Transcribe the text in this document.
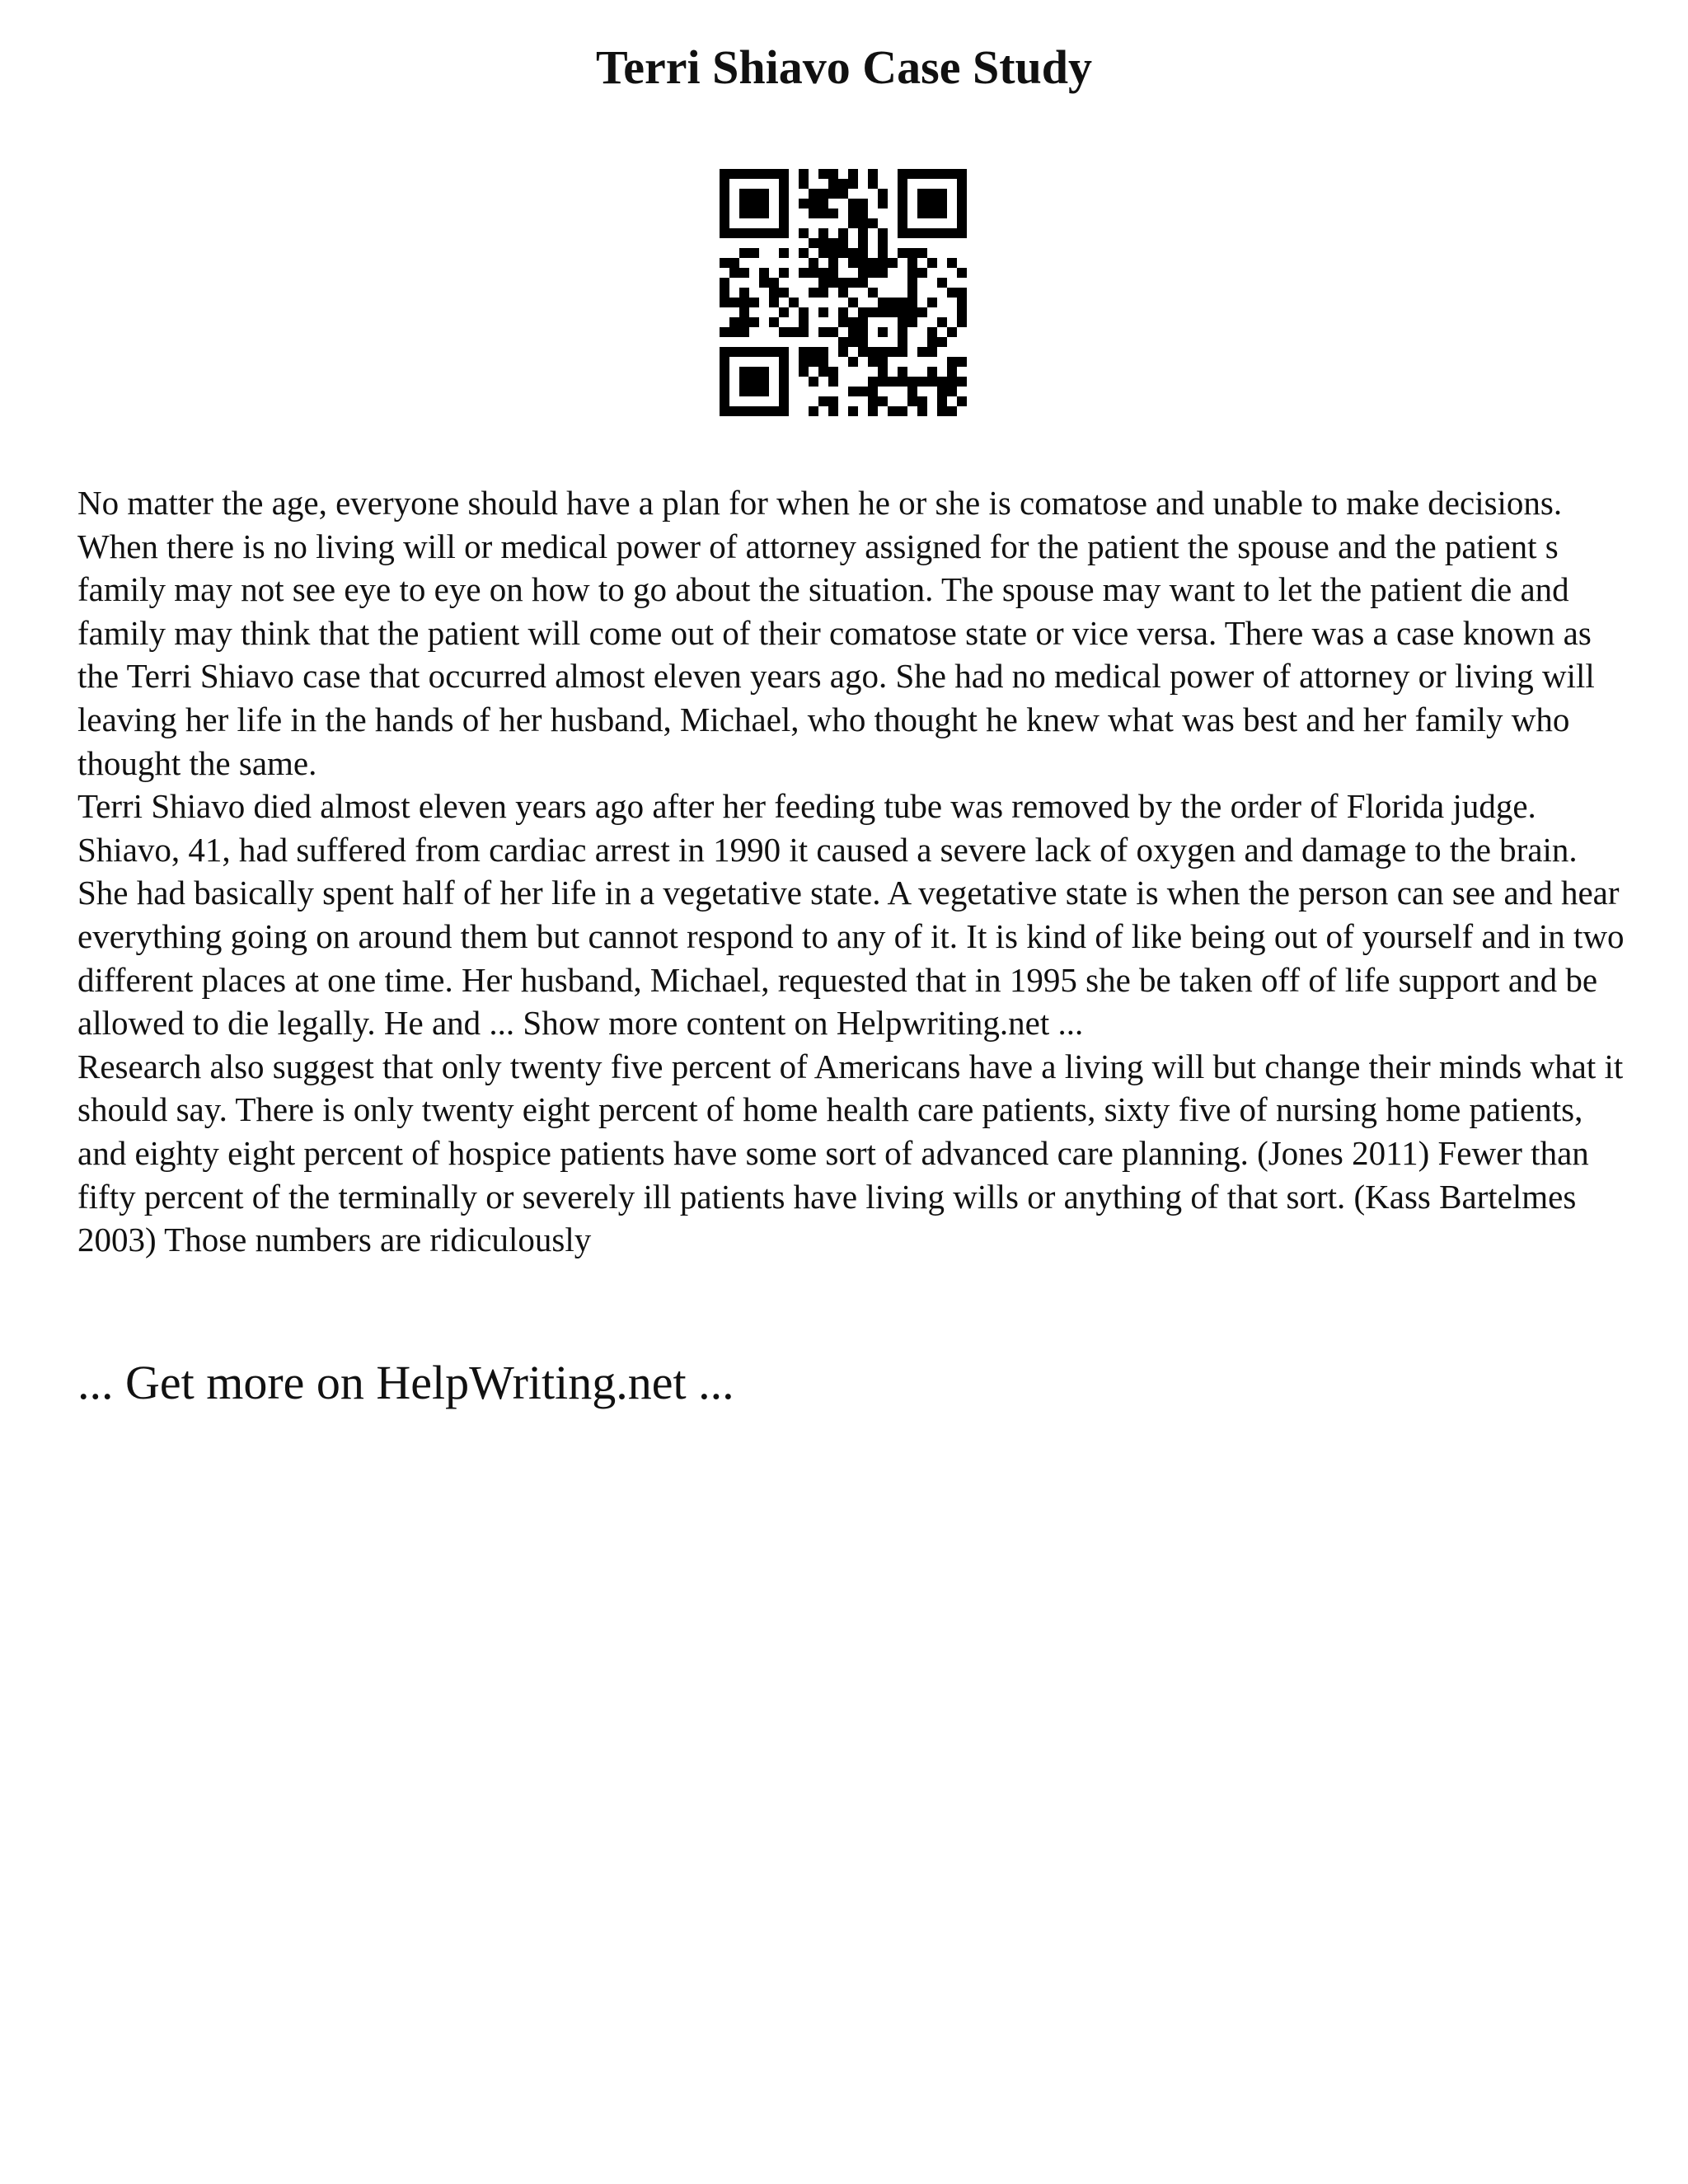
Terri Shiavo Case Study

No matter the age, everyone should have a plan for when he or she is comatose and unable to make decisions. When there is no living will or medical power of attorney assigned for the patient the spouse and the patient s family may not see eye to eye on how to go about the situation. The spouse may want to let the patient die and family may think that the patient will come out of their comatose state or vice versa. There was a case known as the Terri Shiavo case that occurred almost eleven years ago. She had no medical power of attorney or living will leaving her life in the hands of her husband, Michael, who thought he knew what was best and her family who thought the same.

Terri Shiavo died almost eleven years ago after her feeding tube was removed by the order of Florida judge. Shiavo, 41, had suffered from cardiac arrest in 1990 it caused a severe lack of oxygen and damage to the brain. She had basically spent half of her life in a vegetative state. A vegetative state is when the person can see and hear everything going on around them but cannot respond to any of it. It is kind of like being out of yourself and in two different places at one time. Her husband, Michael, requested that in 1995 she be taken off of life support and be allowed to die legally. He and ... Show more content on Helpwriting.net ...

Research also suggest that only twenty five percent of Americans have a living will but change their minds what it should say. There is only twenty eight percent of home health care patients, sixty five of nursing home patients, and eighty eight percent of hospice patients have some sort of advanced care planning. (Jones 2011) Fewer than fifty percent of the terminally or severely ill patients have living wills or anything of that sort. (Kass Bartelmes 2003) Those numbers are ridiculously

... Get more on HelpWriting.net ...
